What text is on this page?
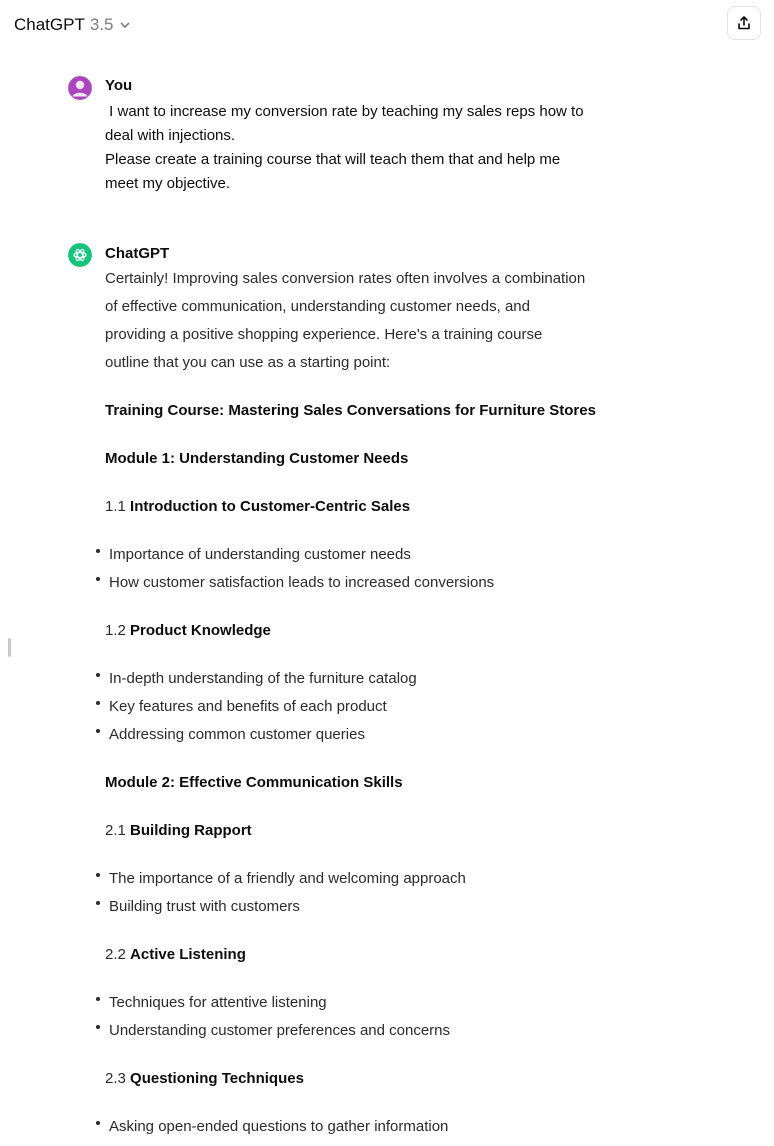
ChatGPT 3.5
You
I want to increase my conversion rate by teaching my sales reps how to
deal with injections.
Please create a training course that will teach them that and help me
meet my objective.
ChatGPT
Certainly! Improving sales conversion rates often involves a combination
of effective communication, understanding customer needs, and
providing a positive shopping experience. Here's a training course
outline that you can use as a starting point:
Training Course: Mastering Sales Conversations for Furniture Stores
Module 1: Understanding Customer Needs
1.1 Introduction to Customer-Centric Sales
Importance of understanding customer needs
How customer satisfaction leads to increased conversions
1.2 Product Knowledge
In-depth understanding of the furniture catalog
Key features and benefits of each product
Addressing common customer queries
Module 2: Effective Communication Skills
2.1 Building Rapport
The importance of a friendly and welcoming approach
Building trust with customers
2.2 Active Listening
Techniques for attentive listening
Understanding customer preferences and concerns
2.3 Questioning Techniques
Asking open-ended questions to gather information
